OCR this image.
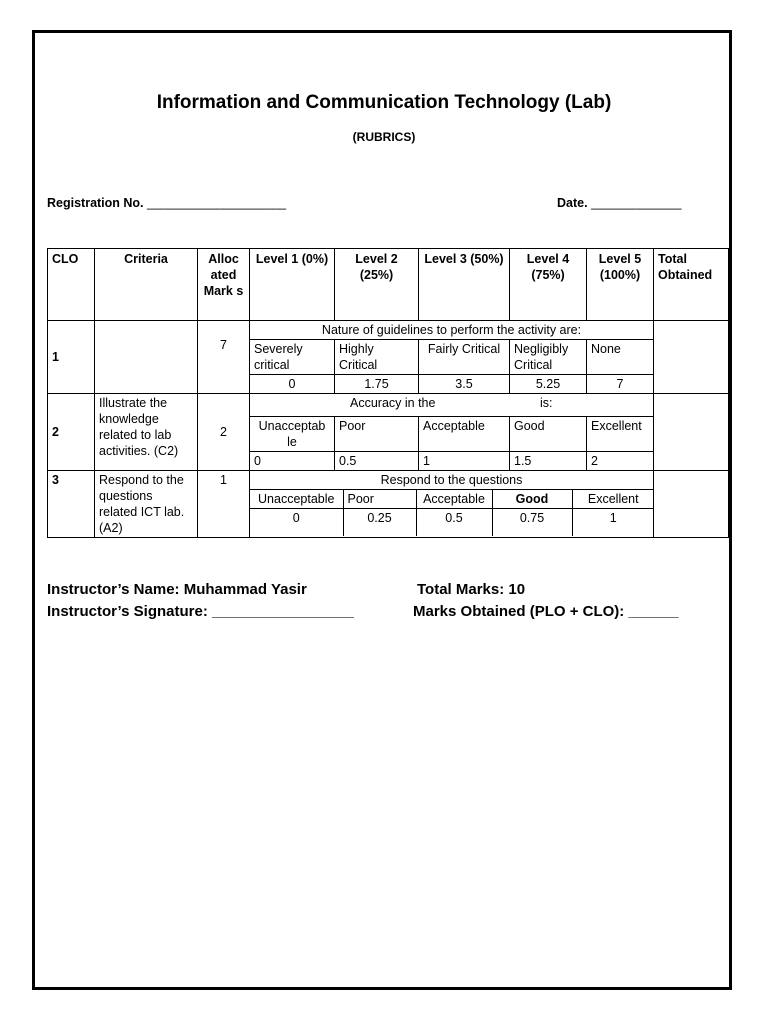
Information and Communication Technology (Lab)
(RUBRICS)
Registration No. ____________________	Date. _____________
CLO	Criteria	Alloc ated Mark s	Level 1 (0%)	Level 2 (25%)	Level 3 (50%)	Level 4 (75%)	Level 5 (100%)	Total Obtained
1		7	Nature of guidelines to perform the activity are:	
Severely critical	Highly Critical	Fairly Critical	Negligibly Critical	None
0	1.75	3.5	5.25	7
2	Illustrate the knowledge related to lab activities. (C2)	2	
Accuracy in the	is:

Unacceptab le	Poor	Acceptable	Good	Excellent
0	0.5	1	1.5	2
3	Respond to the questions related ICT lab. (A2)	1	Respond to the questions	

Unacceptable	Poor	Acceptable	Good	Excellent
0	0.25	0.5	0.75	1
Instructor’s Name: Muhammad Yasir
Instructor’s Signature: _________________
Total Marks: 10
Marks Obtained (PLO + CLO): ______
